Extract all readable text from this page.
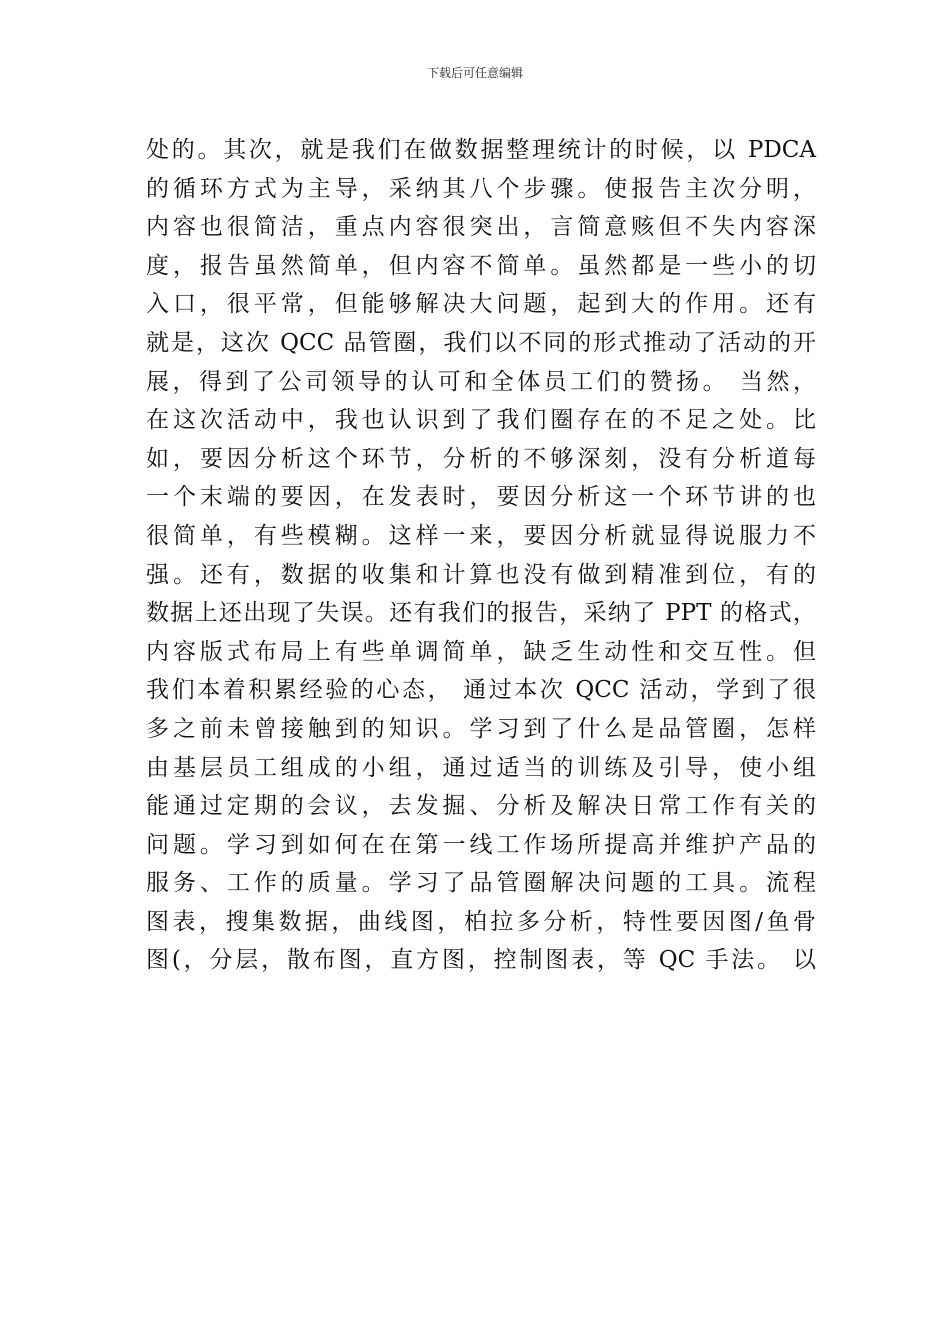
下载后可任意编辑
处的。其次，就是我们在做数据整理统计的时候，以 PDCA
的循环方式为主导，采纳其八个步骤。使报告主次分明，
内容也很简洁，重点内容很突出，言简意赅但不失内容深
度，报告虽然简单，但内容不简单。虽然都是一些小的切
入口，很平常，但能够解决大问题，起到大的作用。还有
就是，这次 QCC 品管圈，我们以不同的形式推动了活动的开
展，得到了公司领导的认可和全体员工们的赞扬。 当然，
在这次活动中，我也认识到了我们圈存在的不足之处。比
如，要因分析这个环节，分析的不够深刻，没有分析道每
一个末端的要因，在发表时，要因分析这一个环节讲的也
很简单，有些模糊。这样一来，要因分析就显得说服力不
强。还有，数据的收集和计算也没有做到精准到位，有的
数据上还出现了失误。还有我们的报告，采纳了 PPT 的格式，
内容版式布局上有些单调简单，缺乏生动性和交互性。但
我们本着积累经验的心态， 通过本次 QCC 活动，学到了很
多之前未曾接触到的知识。学习到了什么是品管圈，怎样
由基层员工组成的小组，通过适当的训练及引导，使小组
能通过定期的会议，去发掘、分析及解决日常工作有关的
问题。学习到如何在在第一线工作场所提高并维护产品的
服务、工作的质量。学习了品管圈解决问题的工具。流程
图表，搜集数据，曲线图，柏拉多分析，特性要因图/鱼骨
图(，分层，散布图，直方图，控制图表，等 QC 手法。 以
